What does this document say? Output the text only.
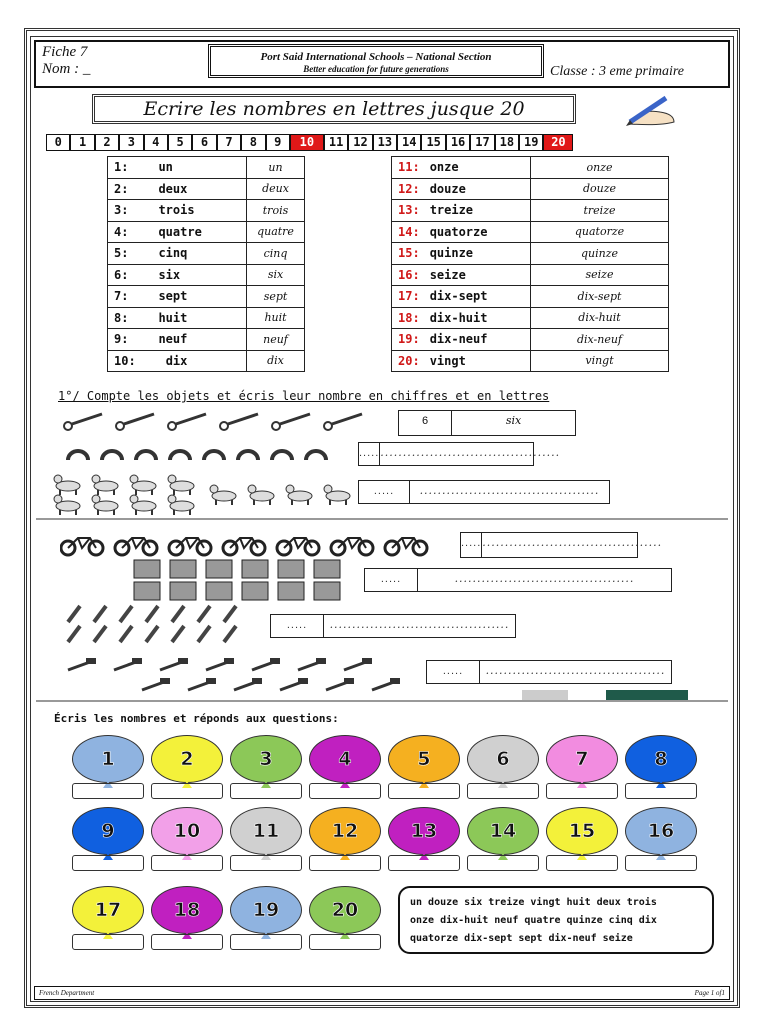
Fiche 7
Nom : _
Port Said International Schools – National Section
Better education for future generations	Classe : 3 eme primaire
Ecrire les nombres en lettres jusque 20
0	1	2	3	4	5	6	7	8	9	10	11 12 13 14 15 16 17 18 19	20
1: un	un
2: deux	deux
3: trois	trois
4: quatre	quatre
5: cinq	cinq
6: six	six
7: sept	sept
8: huit	huit
9: neuf	neuf
10: dix	dix
11: onze	onze
12: douze	douze
13: treize	treize
14: quatorze	quatorze
15: quinze	quinze
16: seize	seize
17: dix-sept	dix-sept
18: dix-huit	dix-huit
19: dix-neuf	dix-neuf
20: vingt	vingt
1°/ Compte les objets et écris leur nombre en chiffres et en lettres
6	six
..... ........................................
.....	........................................
..... ........................................
.....	........................................
.....	........................................
.....	........................................
Écris les nombres et réponds aux questions:
1	2	3	4	5	6	7	8
9	10	11	12	13	14	15	16
17	18	19	20	un douze six treize vingt huit deux trois
onze dix-huit neuf quatre quinze cinq dix
quatorze dix-sept sept dix-neuf seize
French Department	Page 1 of1
